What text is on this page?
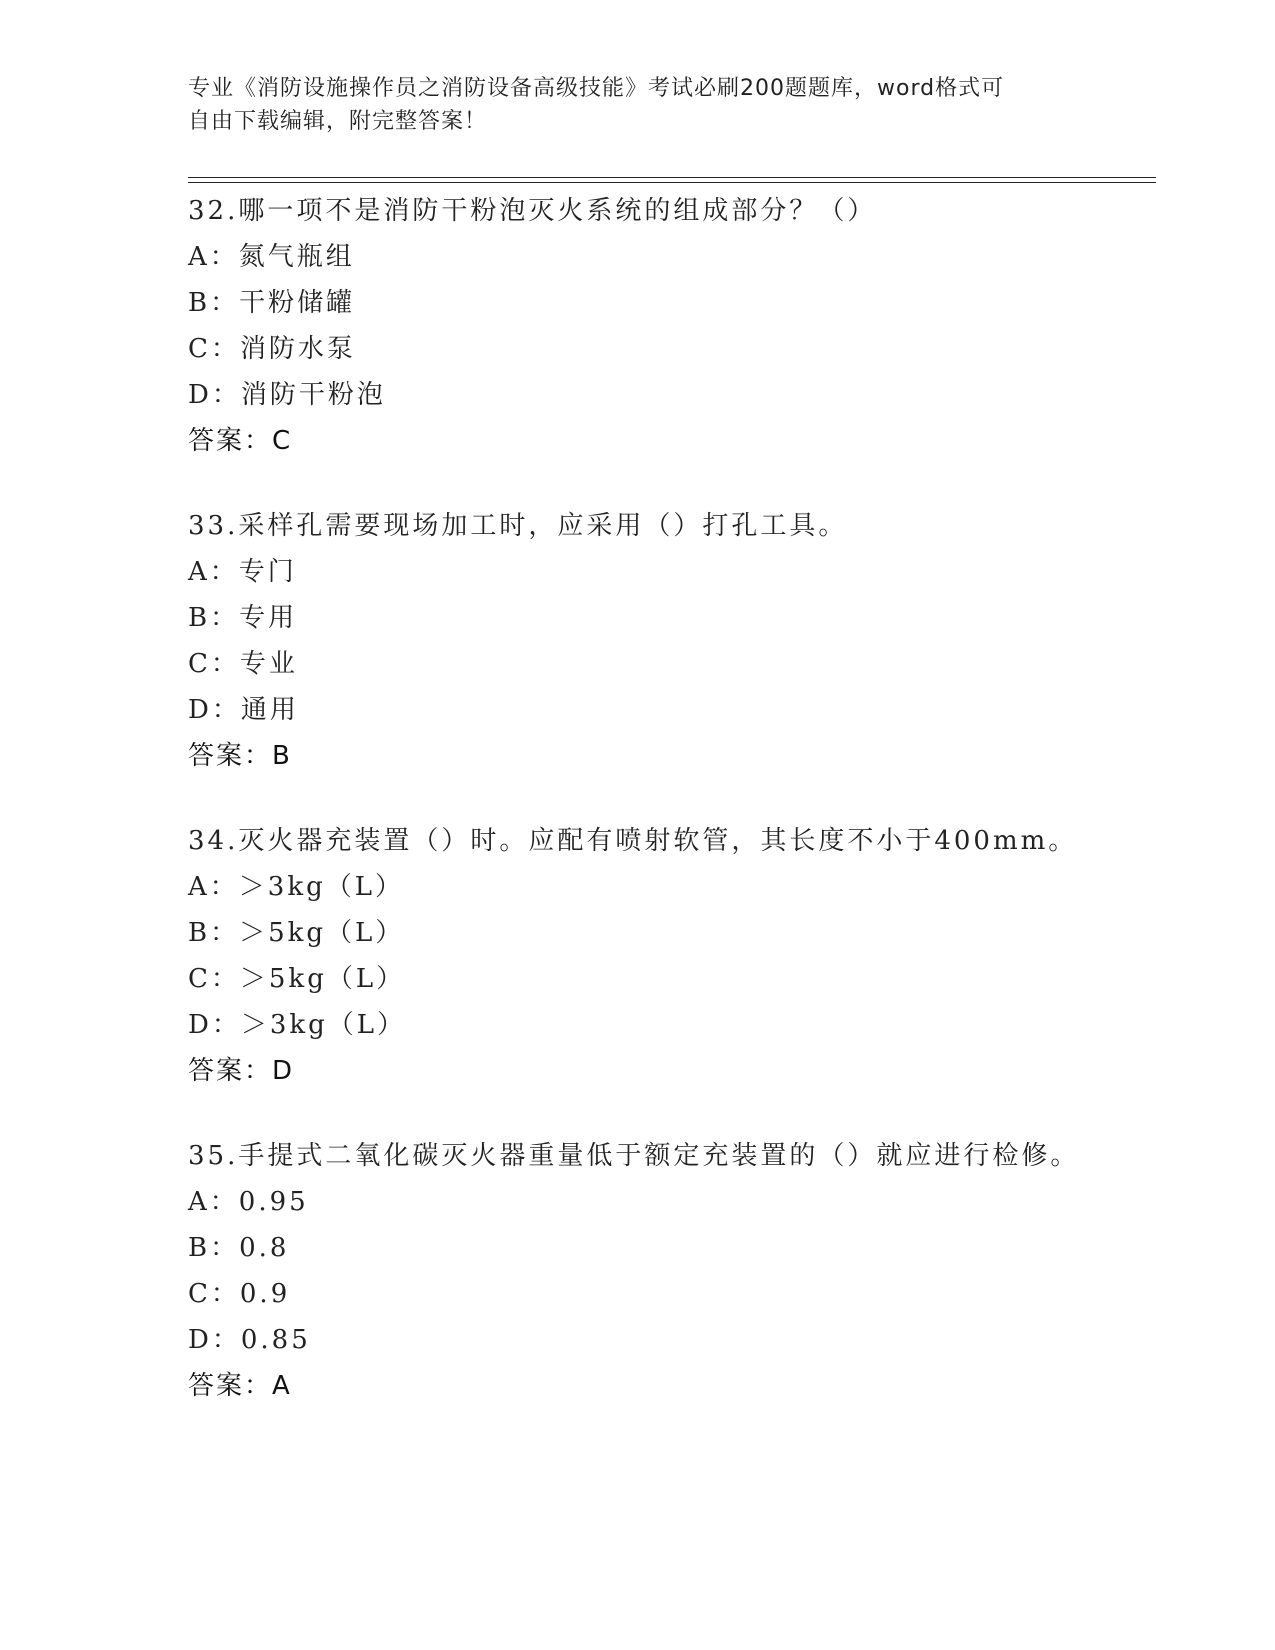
专业《消防设施操作员之消防设备高级技能》考试必刷200题题库，word格式可
自由下载编辑，附完整答案！
32.哪一项不是消防干粉泡灭火系统的组成部分？（）
A：氮气瓶组
B：干粉储罐
C：消防水泵
D：消防干粉泡
答案：C
33.采样孔需要现场加工时，应采用（）打孔工具。
A：专门
B：专用
C：专业
D：通用
答案：B
34.灭火器充装置（）时。应配有喷射软管，其长度不小于400mm。
A：＞3kg（L）
B：＞5kg（L）
C：＞5kg（L）
D：＞3kg（L）
答案：D
35.手提式二氧化碳灭火器重量低于额定充装置的（）就应进行检修。
A：0.95
B：0.8
C：0.9
D：0.85
答案：A
